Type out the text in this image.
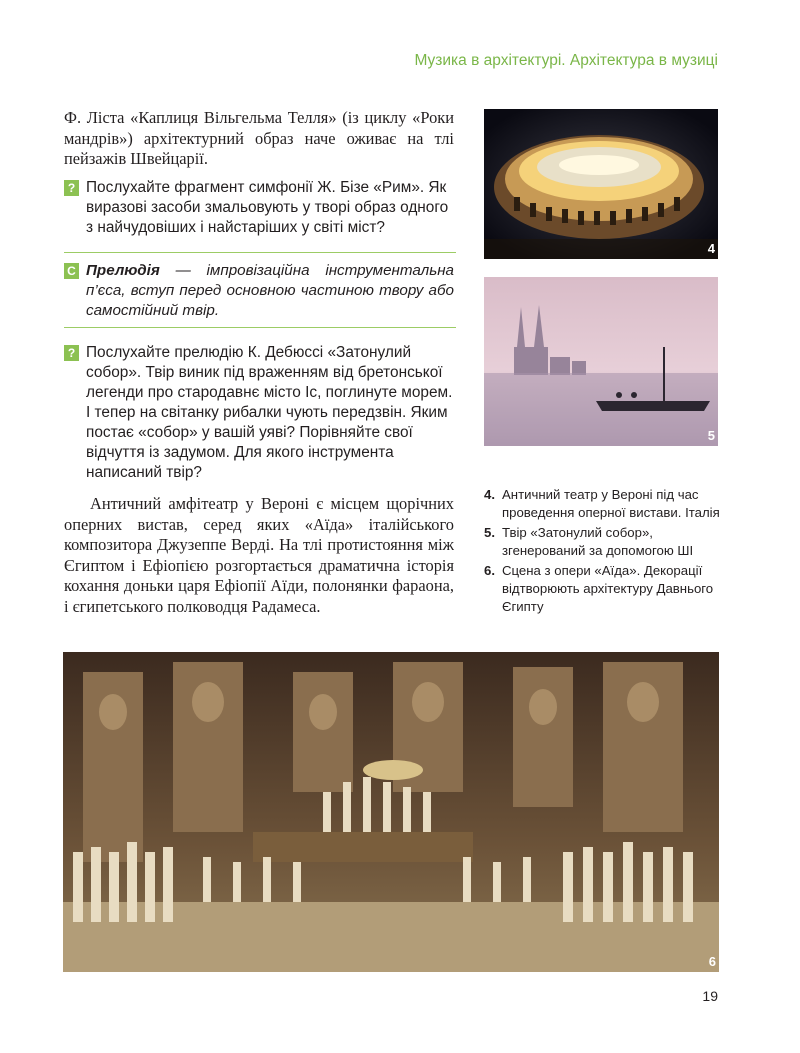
Музика в архітектурі. Архітектура в музиці

Ф. Ліста «Каплиця Вільгельма Телля» (із циклу «Роки мандрів») архітектурний образ наче оживає на тлі пейзажів Швейцарії.

? Послухайте фрагмент симфонії Ж. Бізе «Рим». Як виразові засоби змальовують у творі образ одного з найчудовіших і найстаріших у світі міст?
С Прелюдія — імпровізаційна інструментальна п’єса, вступ перед основною частиною твору або самостійний твір.
? Послухайте прелюдію К. Дебюссі «Затонулий собор». Твір виник під враженням від бретонської легенди про стародавнє місто Іс, поглинуте морем. І тепер на світанку рибалки чують передзвін. Яким постає «собор» у вашій уяві? Порівняйте свої відчуття із задумом. Для якого інструмента написаний твір?

Античний амфітеатр у Вероні є місцем щорічних оперних вистав, серед яких «Аїда» італійського композитора Джузеппе Верді. На тлі протистояння між Єгиптом і Ефіопією розгортається драматична історія кохання доньки царя Ефіопії Аїди, полонянки фараона, і єгипетського полководця Радамеса.

4
5
4. Античний театр у Вероні під час проведення оперної вистави. Італія
5. Твір «Затонулий собор», згенерований за допомогою ШІ
6. Сцена з опери «Аїда». Декорації відтворюють архітектуру Давнього Єгипту
6
19
